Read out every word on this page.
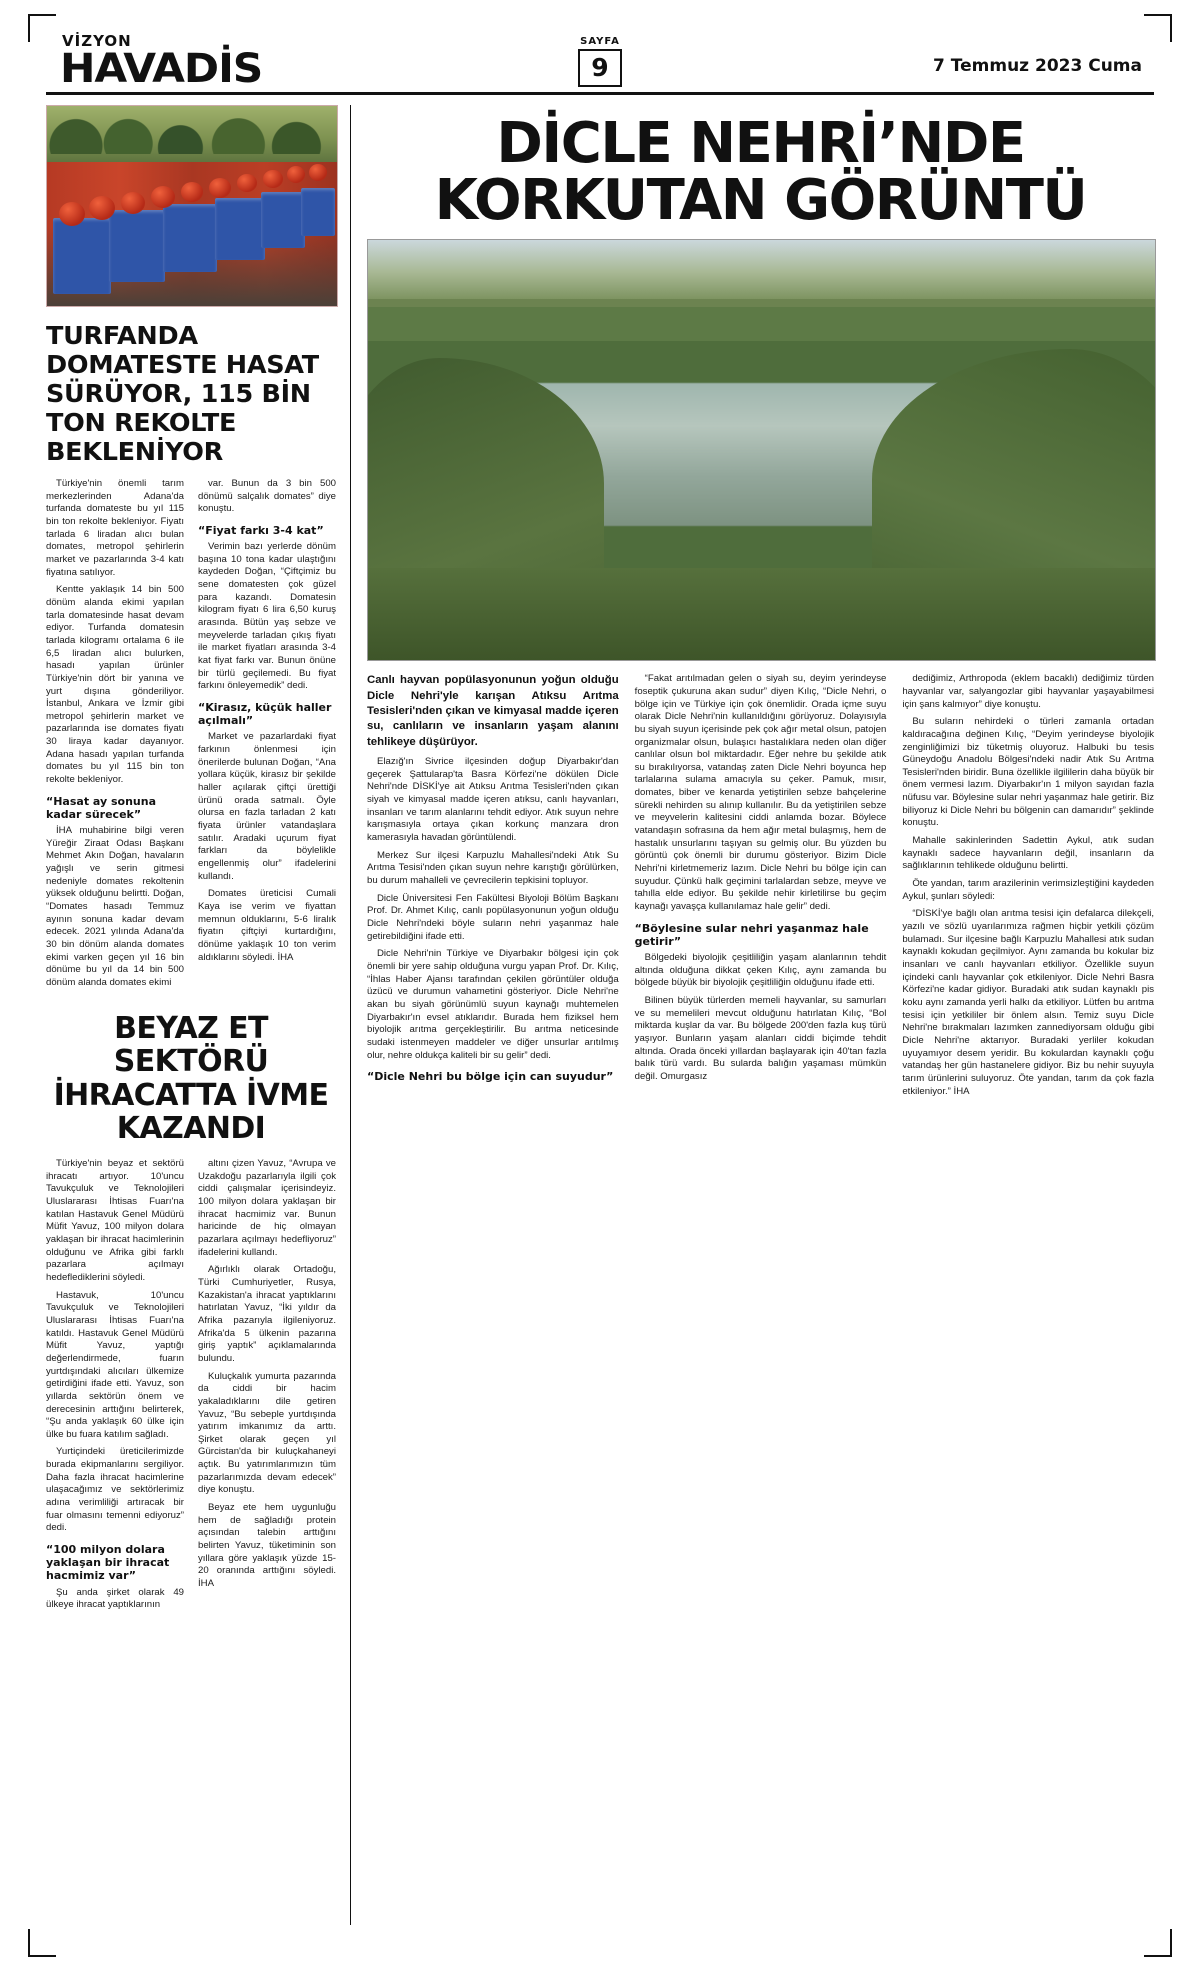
VİZYON
HAVADİS
SAYFA
9	7 Temmuz 2023 Cuma
TURFANDA DOMATESTE HASAT SÜRÜYOR, 115 BİN TON REKOLTE BEKLENİYOR

Türkiye'nin önemli tarım merkezlerinden Adana'da turfanda domateste bu yıl 115 bin ton rekolte bekleniyor. Fiyatı tarlada 6 liradan alıcı bulan domates, metropol şehirlerin market ve pazarlarında 3-4 katı fiyatına satılıyor.

Kentte yaklaşık 14 bin 500 dönüm alanda ekimi yapılan tarla domatesinde hasat devam ediyor. Turfanda domatesin tarlada kilogramı ortalama 6 ile 6,5 liradan alıcı bulurken, hasadı yapılan ürünler Türkiye'nin dört bir yanına ve yurt dışına gönderiliyor. İstanbul, Ankara ve İzmir gibi metropol şehirlerin market ve pazarlarında ise domates fiyatı 30 liraya kadar dayanıyor. Adana hasadı yapılan turfanda domates bu yıl 115 bin ton rekolte bekleniyor.

“Hasat ay sonuna kadar sürecek”

İHA muhabirine bilgi veren Yüreğir Ziraat Odası Başkanı Mehmet Akın Doğan, havaların yağışlı ve serin gitmesi nedeniyle domates rekoltenin yüksek olduğunu belirtti. Doğan, “Domates hasadı Temmuz ayının sonuna kadar devam edecek. 2021 yılında Adana'da 30 bin dönüm alanda domates ekimi varken geçen yıl 16 bin dönüme bu yıl da 14 bin 500 dönüm alanda domates ekimi

var. Bunun da 3 bin 500 dönümü salçalık domates” diye konuştu.

“Fiyat farkı 3-4 kat”

Verimin bazı yerlerde dönüm başına 10 tona kadar ulaştığını kaydeden Doğan, “Çiftçimiz bu sene domatesten çok güzel para kazandı. Domatesin kilogram fiyatı 6 lira 6,50 kuruş arasında. Bütün yaş sebze ve meyvelerde tarladan çıkış fiyatı ile market fiyatları arasında 3-4 kat fiyat farkı var. Bunun önüne bir türlü geçilemedi. Bu fiyat farkını önleyemedik” dedi.

“Kirasız, küçük haller açılmalı”

Market ve pazarlardaki fiyat farkının önlenmesi için önerilerde bulunan Doğan, “Ana yollara küçük, kirasız bir şekilde haller açılarak çiftçi ürettiği ürünü orada satmalı. Öyle olursa en fazla tarladan 2 katı fiyata ürünler vatandaşlara satılır. Aradaki uçurum fiyat farkları da böylelikle engellenmiş olur” ifadelerini kullandı.

Domates üreticisi Cumali Kaya ise verim ve fiyattan memnun olduklarını, 5-6 liralık fiyatın çiftçiyi kurtardığını, dönüme yaklaşık 10 ton verim aldıklarını söyledi. İHA

BEYAZ ET SEKTÖRÜ İHRACATTA İVME KAZANDI

Türkiye'nin beyaz et sektörü ihracatı artıyor. 10'uncu Tavukçuluk ve Teknolojileri Uluslararası İhtisas Fuarı'na katılan Hastavuk Genel Müdürü Müfit Yavuz, 100 milyon dolara yaklaşan bir ihracat hacimlerinin olduğunu ve Afrika gibi farklı pazarlara açılmayı hedeflediklerini söyledi.

Hastavuk, 10'uncu Tavukçuluk ve Teknolojileri Uluslararası İhtisas Fuarı'na katıldı. Hastavuk Genel Müdürü Müfit Yavuz, yaptığı değerlendirmede, fuarın yurtdışındaki alıcıları ülkemize getirdiğini ifade etti. Yavuz, son yıllarda sektörün önem ve derecesinin arttığını belirterek, “Şu anda yaklaşık 60 ülke için ülke bu fuara katılım sağladı.

Yurtiçindeki üreticilerimizde burada ekipmanlarını sergiliyor. Daha fazla ihracat hacimlerine ulaşacağımız ve sektörlerimiz adına verimliliği artıracak bir fuar olmasını temenni ediyoruz” dedi.

“100 milyon dolara yaklaşan bir ihracat hacmimiz var”

Şu anda şirket olarak 49 ülkeye ihracat yaptıklarının

altını çizen Yavuz, “Avrupa ve Uzakdoğu pazarlarıyla ilgili çok ciddi çalışmalar içerisindeyiz. 100 milyon dolara yaklaşan bir ihracat hacmimiz var. Bunun haricinde de hiç olmayan pazarlara açılmayı hedefliyoruz” ifadelerini kullandı.

Ağırlıklı olarak Ortadoğu, Türki Cumhuriyetler, Rusya, Kazakistan'a ihracat yaptıklarını hatırlatan Yavuz, “İki yıldır da Afrika pazarıyla ilgileniyoruz. Afrika'da 5 ülkenin pazarına giriş yaptık” açıklamalarında bulundu.

Kuluçkalık yumurta pazarında da ciddi bir hacim yakaladıklarını dile getiren Yavuz, “Bu sebeple yurtdışında yatırım imkanımız da arttı. Şirket olarak geçen yıl Gürcistan'da bir kuluçkahaneyi açtık. Bu yatırımlarımızın tüm pazarlarımızda devam edecek” diye konuştu.

Beyaz ete hem uygunluğu hem de sağladığı protein açısından talebin arttığını belirten Yavuz, tüketiminin son yıllara göre yaklaşık yüzde 15-20 oranında arttığını söyledi. İHA

DİCLE NEHRİ’NDE
KORKUTAN GÖRÜNTÜ

Canlı hayvan popülasyonunun yoğun olduğu Dicle Nehri'yle karışan Atıksu Arıtma Tesisleri'nden çıkan ve kimyasal madde içeren su, canlıların ve insanların yaşam alanını tehlikeye düşürüyor.

Elazığ'ın Sivrice ilçesinden doğup Diyarbakır'dan geçerek Şattularap'ta Basra Körfezi'ne dökülen Dicle Nehri'nde DİSKİ'ye ait Atıksu Arıtma Tesisleri'nden çıkan siyah ve kimyasal madde içeren atıksu, canlı hayvanları, insanları ve tarım alanlarını tehdit ediyor. Atık suyun nehre karışmasıyla ortaya çıkan korkunç manzara dron kamerasıyla havadan görüntülendi.

Merkez Sur ilçesi Karpuzlu Mahallesi'ndeki Atık Su Arıtma Tesisi'nden çıkan suyun nehre karıştığı görülürken, bu durum mahalleli ve çevrecilerin tepkisini topluyor.

Dicle Üniversitesi Fen Fakültesi Biyoloji Bölüm Başkanı Prof. Dr. Ahmet Kılıç, canlı popülasyonunun yoğun olduğu Dicle Nehri'ndeki böyle suların nehri yaşanmaz hale getirebildiğini ifade etti.

Dicle Nehri'nin Türkiye ve Diyarbakır bölgesi için çok önemli bir yere sahip olduğuna vurgu yapan Prof. Dr. Kılıç, “İhlas Haber Ajansı tarafından çekilen görüntüler olduğa üzücü ve durumun vahametini gösteriyor. Dicle Nehri'ne akan bu siyah görünümlü suyun kaynağı muhtemelen Diyarbakır'ın evsel atıklarıdır. Burada hem fiziksel hem biyolojik arıtma gerçekleştirilir. Bu arıtma neticesinde sudaki istenmeyen maddeler ve diğer unsurlar arıtılmış olur, nehre oldukça kaliteli bir su gelir” dedi.

“Dicle Nehri bu bölge için can suyudur”

“Fakat arıtılmadan gelen o siyah su, deyim yerindeyse foseptik çukuruna akan sudur” diyen Kılıç, “Dicle Nehri, o bölge için ve Türkiye için çok önemlidir. Orada içme suyu olarak Dicle Nehri'nin kullanıldığını görüyoruz. Dolayısıyla bu siyah suyun içerisinde pek çok ağır metal olsun, patojen organizmalar olsun, bulaşıcı hastalıklara neden olan diğer canlılar olsun bol miktardadır. Eğer nehre bu şekilde atık su bırakılıyorsa, vatandaş zaten Dicle Nehri boyunca hep tarlalarına sulama amacıyla su çeker. Pamuk, mısır, domates, biber ve kenarda yetiştirilen sebze bahçelerine sürekli nehirden su alınıp kullanılır. Bu da yetiştirilen sebze ve meyvelerin kalitesini ciddi anlamda bozar. Böylece vatandaşın sofrasına da hem ağır metal bulaşmış, hem de hastalık unsurlarını taşıyan su gelmiş olur. Bu yüzden bu görüntü çok önemli bir durumu gösteriyor. Bizim Dicle Nehri'ni kirletmemeriz lazım. Dicle Nehri bu bölge için can suyudur. Çünkü halk geçimini tarlalardan sebze, meyve ve tahılla elde ediyor. Bu şekilde nehir kirletilirse bu geçim kaynağı yavaşça kullanılamaz hale gelir” dedi.

“Böylesine sular nehri yaşanmaz hale getirir”

Bölgedeki biyolojik çeşitliliğin yaşam alanlarının tehdit altında olduğuna dikkat çeken Kılıç, aynı zamanda bu bölgede büyük bir biyolojik çeşitliliğin olduğunu ifade etti.

Bilinen büyük türlerden memeli hayvanlar, su samurları ve su memelileri mevcut olduğunu hatırlatan Kılıç, “Bol miktarda kuşlar da var. Bu bölgede 200'den fazla kuş türü yaşıyor. Bunların yaşam alanları ciddi biçimde tehdit altında. Orada önceki yıllardan başlayarak için 40'tan fazla balık türü vardı. Bu sularda balığın yaşaması mümkün değil. Omurgasız

dediğimiz, Arthropoda (eklem bacaklı) dediğimiz türden hayvanlar var, salyangozlar gibi hayvanlar yaşayabilmesi için şans kalmıyor” diye konuştu.

Bu suların nehirdeki o türleri zamanla ortadan kaldıracağına değinen Kılıç, “Deyim yerindeyse biyolojik zenginliğimizi biz tüketmiş oluyoruz. Halbuki bu tesis Güneydoğu Anadolu Bölgesi'ndeki nadir Atık Su Arıtma Tesisleri'nden biridir. Buna özellikle ilgililerin daha büyük bir önem vermesi lazım. Diyarbakır'ın 1 milyon sayıdan fazla nüfusu var. Böylesine sular nehri yaşanmaz hale getirir. Biz biliyoruz ki Dicle Nehri bu bölgenin can damarıdır” şeklinde konuştu.

Mahalle sakinlerinden Sadettin Aykul, atık sudan kaynaklı sadece hayvanların değil, insanların da sağlıklarının tehlikede olduğunu belirtti.

Öte yandan, tarım arazilerinin verimsizleştiğini kaydeden Aykul, şunları söyledi:

“DİSKİ'ye bağlı olan arıtma tesisi için defalarca dilekçeli, yazılı ve sözlü uyarılarımıza rağmen hiçbir yetkili çözüm bulamadı. Sur ilçesine bağlı Karpuzlu Mahallesi atık sudan kaynaklı kokudan geçilmiyor. Aynı zamanda bu kokular biz insanları ve canlı hayvanları etkiliyor. Özellikle suyun içindeki canlı hayvanlar çok etkileniyor. Dicle Nehri Basra Körfezi'ne kadar gidiyor. Buradaki atık sudan kaynaklı pis koku aynı zamanda yerli halkı da etkiliyor. Lütfen bu arıtma tesisi için yetkililer bir önlem alsın. Temiz suyu Dicle Nehri'ne bırakmaları lazımken zannediyorsam olduğu gibi Dicle Nehri'ne aktarıyor. Buradaki yerliler kokudan uyuyamıyor desem yeridir. Bu kokulardan kaynaklı çoğu vatandaş her gün hastanelere gidiyor. Biz bu nehir suyuyla tarım ürünlerini suluyoruz. Öte yandan, tarım da çok fazla etkileniyor.” İHA
